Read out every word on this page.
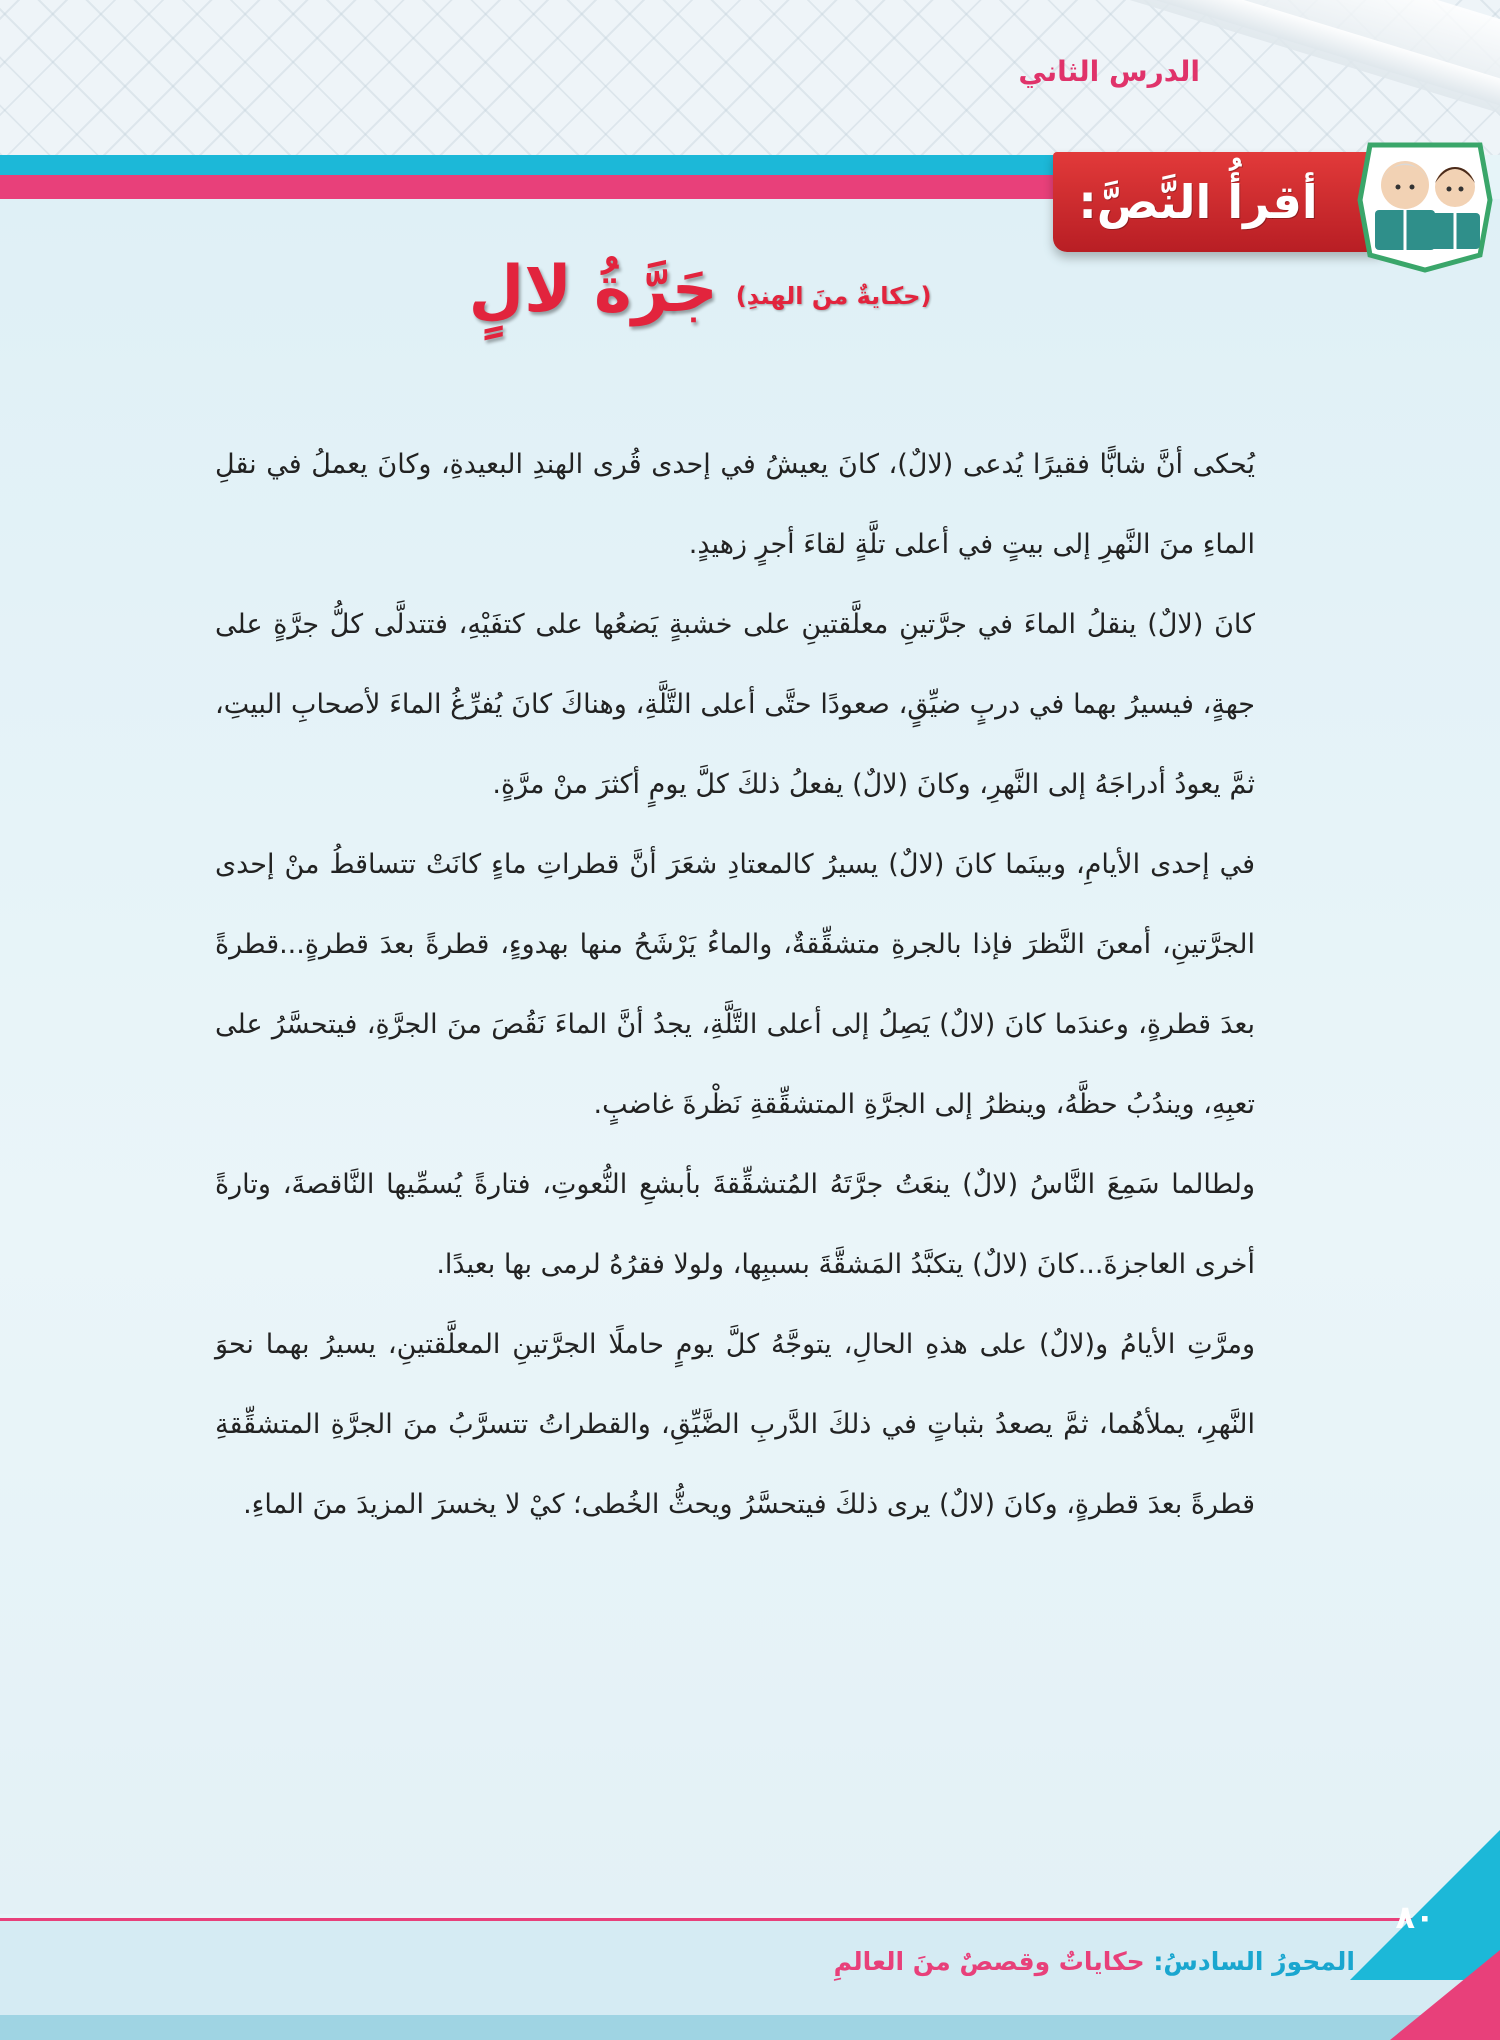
الدرس الثاني
أقرأُ النَّصَّ:
جَرَّةُ لالٍ (حكايةٌ منَ الهندِ)

يُحكى أنَّ شابًّا فقيرًا يُدعى (لالٌ)، كانَ يعيشُ في إحدى قُرى الهندِ البعيدةِ، وكانَ يعملُ في نقلِ الماءِ منَ النَّهرِ إلى بيتٍ في أعلى تلَّةٍ لقاءَ أجرٍ زهيدٍ.

كانَ (لالٌ) ينقلُ الماءَ في جرَّتينِ معلَّقتينِ على خشبةٍ يَضعُها على كتفَيْهِ، فتتدلَّى كلُّ جرَّةٍ على جهةٍ، فيسيرُ بهما في دربٍ ضيِّقٍ، صعودًا حتَّى أعلى التَّلَّةِ، وهناكَ كانَ يُفرِّغُ الماءَ لأصحابِ البيتِ، ثمَّ يعودُ أدراجَهُ إلى النَّهرِ، وكانَ (لالٌ) يفعلُ ذلكَ كلَّ يومٍ أكثرَ منْ مرَّةٍ.

في إحدى الأيامِ، وبينَما كانَ (لالٌ) يسيرُ كالمعتادِ شعَرَ أنَّ قطراتِ ماءٍ كانَتْ تتساقطُ منْ إحدى الجرَّتينِ، أمعنَ النَّظرَ فإذا بالجرةِ متشقِّقةٌ، والماءُ يَرْشَحُ منها بهدوءٍ، قطرةً بعدَ قطرةٍ...قطرةً بعدَ قطرةٍ، وعندَما كانَ (لالٌ) يَصِلُ إلى أعلى التَّلَّةِ، يجدُ أنَّ الماءَ نَقُصَ منَ الجرَّةِ، فيتحسَّرُ على تعبِهِ، ويندُبُ حظَّهُ، وينظرُ إلى الجرَّةِ المتشقِّقةِ نَظْرةَ غاضبٍ.

ولطالما سَمِعَ النَّاسُ (لالٌ) ينعَتُ جرَّتَهُ المُتشقِّقةَ بأبشعِ النُّعوتِ، فتارةً يُسمِّيها النَّاقصةَ، وتارةً أخرى العاجزةَ...كانَ (لالٌ) يتكبَّدُ المَشقَّةَ بسببِها، ولولا فقرُهُ لرمى بها بعيدًا.

ومرَّتِ الأيامُ و(لالٌ) على هذهِ الحالِ، يتوجَّهُ كلَّ يومٍ حاملًا الجرَّتينِ المعلَّقتينِ، يسيرُ بهما نحوَ النَّهرِ، يملأهُما، ثمَّ يصعدُ بثباتٍ في ذلكَ الدَّربِ الضَّيِّقِ، والقطراتُ تتسرَّبُ منَ الجرَّةِ المتشقِّقةِ قطرةً بعدَ قطرةٍ، وكانَ (لالٌ) يرى ذلكَ فيتحسَّرُ ويحثُّ الخُطى؛ كيْ لا يخسرَ المزيدَ منَ الماءِ.

٨٠
المحورُ السادسُ: حكاياتٌ وقصصٌ منَ العالمِ
